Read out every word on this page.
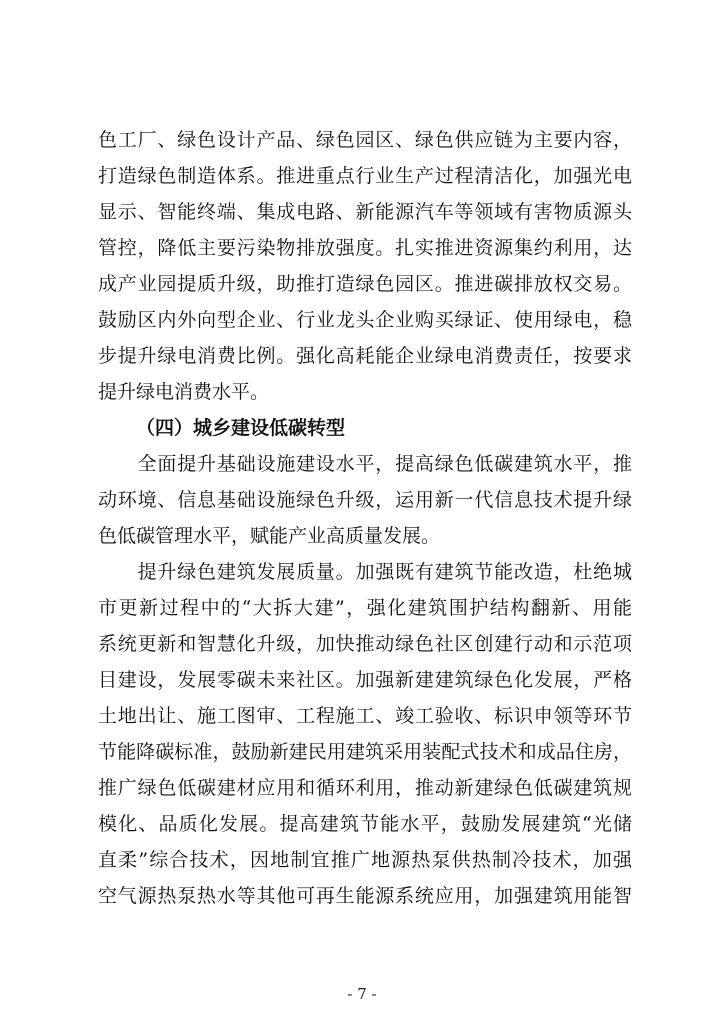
色工厂、绿色设计产品、绿色园区、绿色供应链为主要内容，
打造绿色制造体系。推进重点行业生产过程清洁化，加强光电
显示、智能终端、集成电路、新能源汽车等领域有害物质源头
管控，降低主要污染物排放强度。扎实推进资源集约利用，达
成产业园提质升级，助推打造绿色园区。推进碳排放权交易。
鼓励区内外向型企业、行业龙头企业购买绿证、使用绿电，稳
步提升绿电消费比例。强化高耗能企业绿电消费责任，按要求
提升绿电消费水平。
（四）城乡建设低碳转型
　　全面提升基础设施建设水平，提高绿色低碳建筑水平，推
动环境、信息基础设施绿色升级，运用新一代信息技术提升绿
色低碳管理水平，赋能产业高质量发展。
　　提升绿色建筑发展质量。加强既有建筑节能改造，杜绝城
市更新过程中的“大拆大建”，强化建筑围护结构翻新、用能
系统更新和智慧化升级，加快推动绿色社区创建行动和示范项
目建设，发展零碳未来社区。加强新建建筑绿色化发展，严格
土地出让、施工图审、工程施工、竣工验收、标识申领等环节
节能降碳标准，鼓励新建民用建筑采用装配式技术和成品住房，
推广绿色低碳建材应用和循环利用，推动新建绿色低碳建筑规
模化、品质化发展。提高建筑节能水平，鼓励发展建筑“光储
直柔”综合技术，因地制宜推广地源热泵供热制冷技术，加强
空气源热泵热水等其他可再生能源系统应用，加强建筑用能智
- 7 -
